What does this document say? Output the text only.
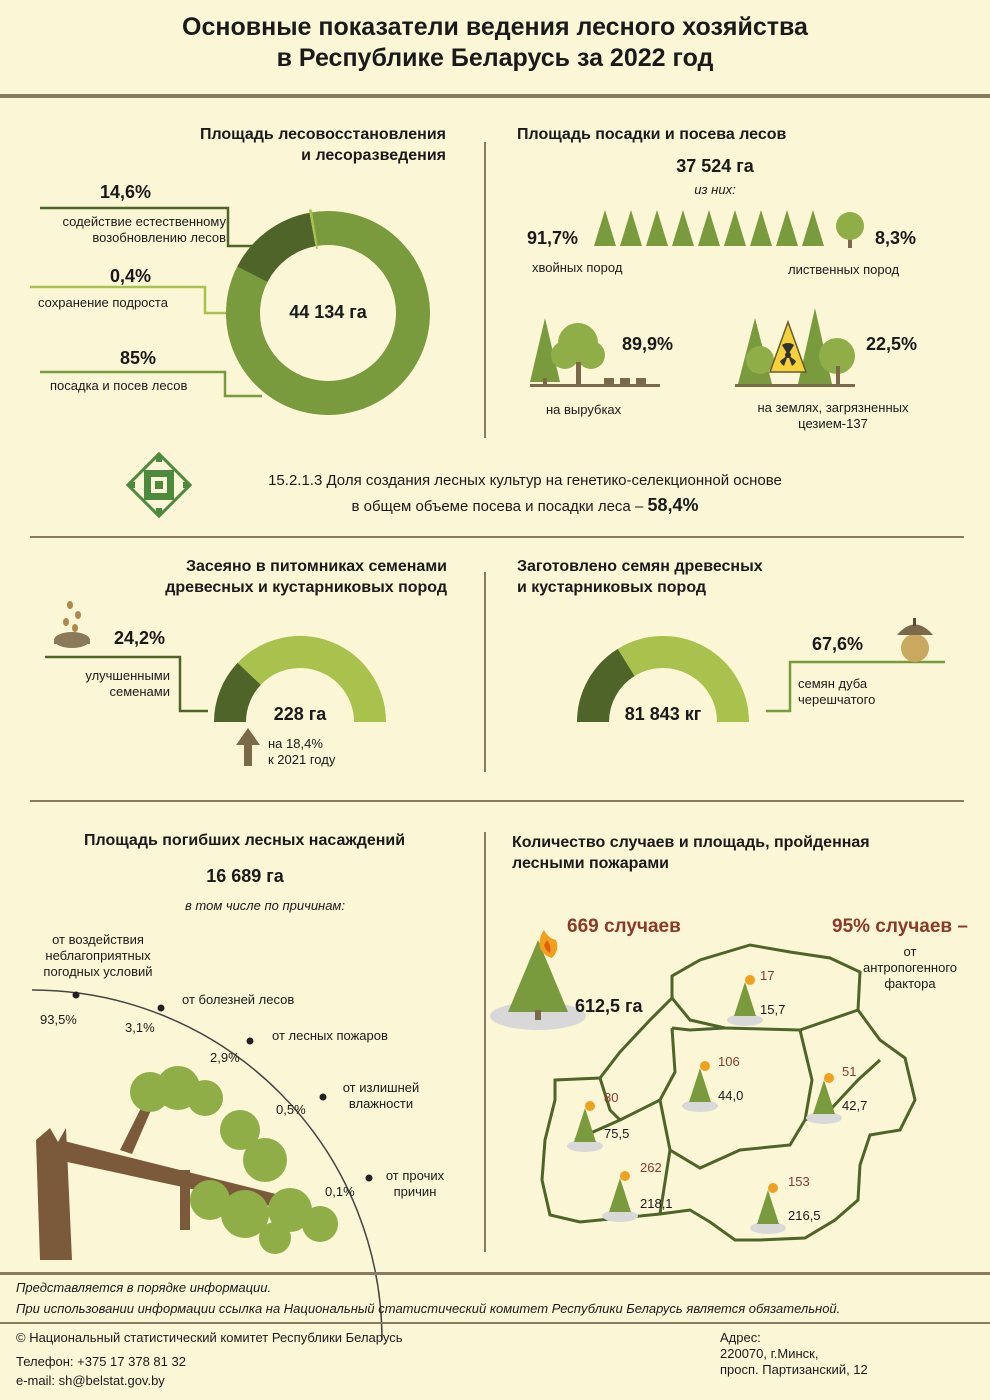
Основные показатели ведения лесного хозяйства
в Республике Беларусь за 2022 год
Площадь лесовосстановления
и лесоразведения
14,6%
содействие естественному
возобновлению лесов
0,4%
сохранение подроста
85%
посадка и посев лесов
44 134 га
Площадь посадки и посева лесов
37 524 га
из них:
91,7%
хвойных пород
8,3%
лиственных пород
89,9%
на вырубках
22,5%
на землях, загрязненных
цезием-137
15.2.1.3 Доля создания лесных культур на генетико-селекционной основе
в общем объеме посева и посадки леса – 58,4%
Засеяно в питомниках семенами
древесных и кустарниковых пород
24,2%
улучшенными
семенами
228 га
на 18,4%
к 2021 году
Заготовлено семян древесных
и кустарниковых пород
67,6%
семян дуба
черешчатого
81 843 кг
Площадь погибших лесных насаждений
16 689 га
в том числе по причинам:
от воздействия
неблагоприятных
погодных условий
93,5%
от болезней лесов
3,1%
от лесных пожаров
2,9%
от излишней
влажности
0,5%
от прочих
причин
0,1%
Количество случаев и площадь, пройденная
лесными пожарами
669 случаев
612,5 га
95% случаев –
от
антропогенного
фактора
17
15,7
106
44,0
51
42,7
80
75,5
262
218,1
153
216,5
Представляется в порядке информации.
При использовании информации ссылка на Национальный статистический комитет Республики Беларусь является обязательной.
© Национальный статистический комитет Республики Беларусь
Телефон: +375 17 378 81 32
e-mail: sh@belstat.gov.by
Адрес:
220070, г.Минск,
просп. Партизанский, 12
